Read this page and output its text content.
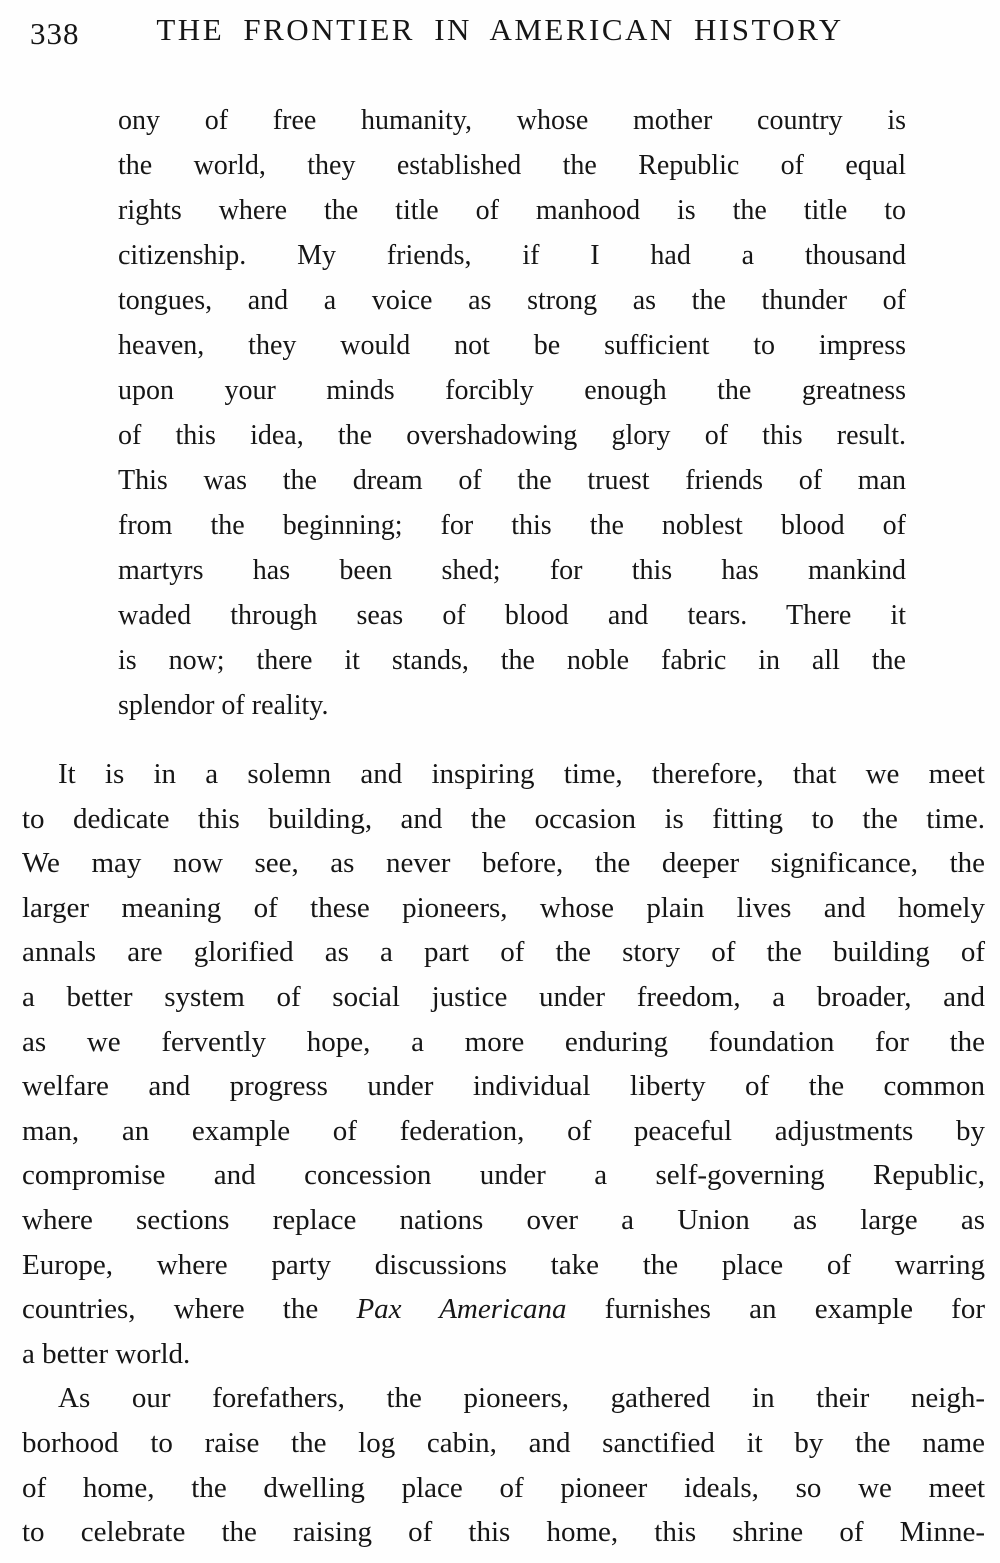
338	THE FRONTIER IN AMERICAN HISTORY
ony of free humanity, whose mother country is
the world, they established the Republic of equal
rights where the title of manhood is the title to
citizenship. My friends, if I had a thousand
tongues, and a voice as strong as the thunder of
heaven, they would not be sufficient to impress
upon your minds forcibly enough the greatness
of this idea, the overshadowing glory of this result.
This was the dream of the truest friends of man
from the beginning; for this the noblest blood of
martyrs has been shed; for this has mankind
waded through seas of blood and tears. There it
is now; there it stands, the noble fabric in all the
splendor of reality.
It is in a solemn and inspiring time, therefore, that we meet
to dedicate this building, and the occasion is fitting to the time.
We may now see, as never before, the deeper significance, the
larger meaning of these pioneers, whose plain lives and homely
annals are glorified as a part of the story of the building of
a better system of social justice under freedom, a broader, and
as we fervently hope, a more enduring foundation for the
welfare and progress under individual liberty of the common
man, an example of federation, of peaceful adjustments by
compromise and concession under a self-governing Republic,
where sections replace nations over a Union as large as
Europe, where party discussions take the place of warring
countries, where the Pax Americana furnishes an example for
a better world.
As our forefathers, the pioneers, gathered in their neigh-
borhood to raise the log cabin, and sanctified it by the name
of home, the dwelling place of pioneer ideals, so we meet
to celebrate the raising of this home, this shrine of Minne-
